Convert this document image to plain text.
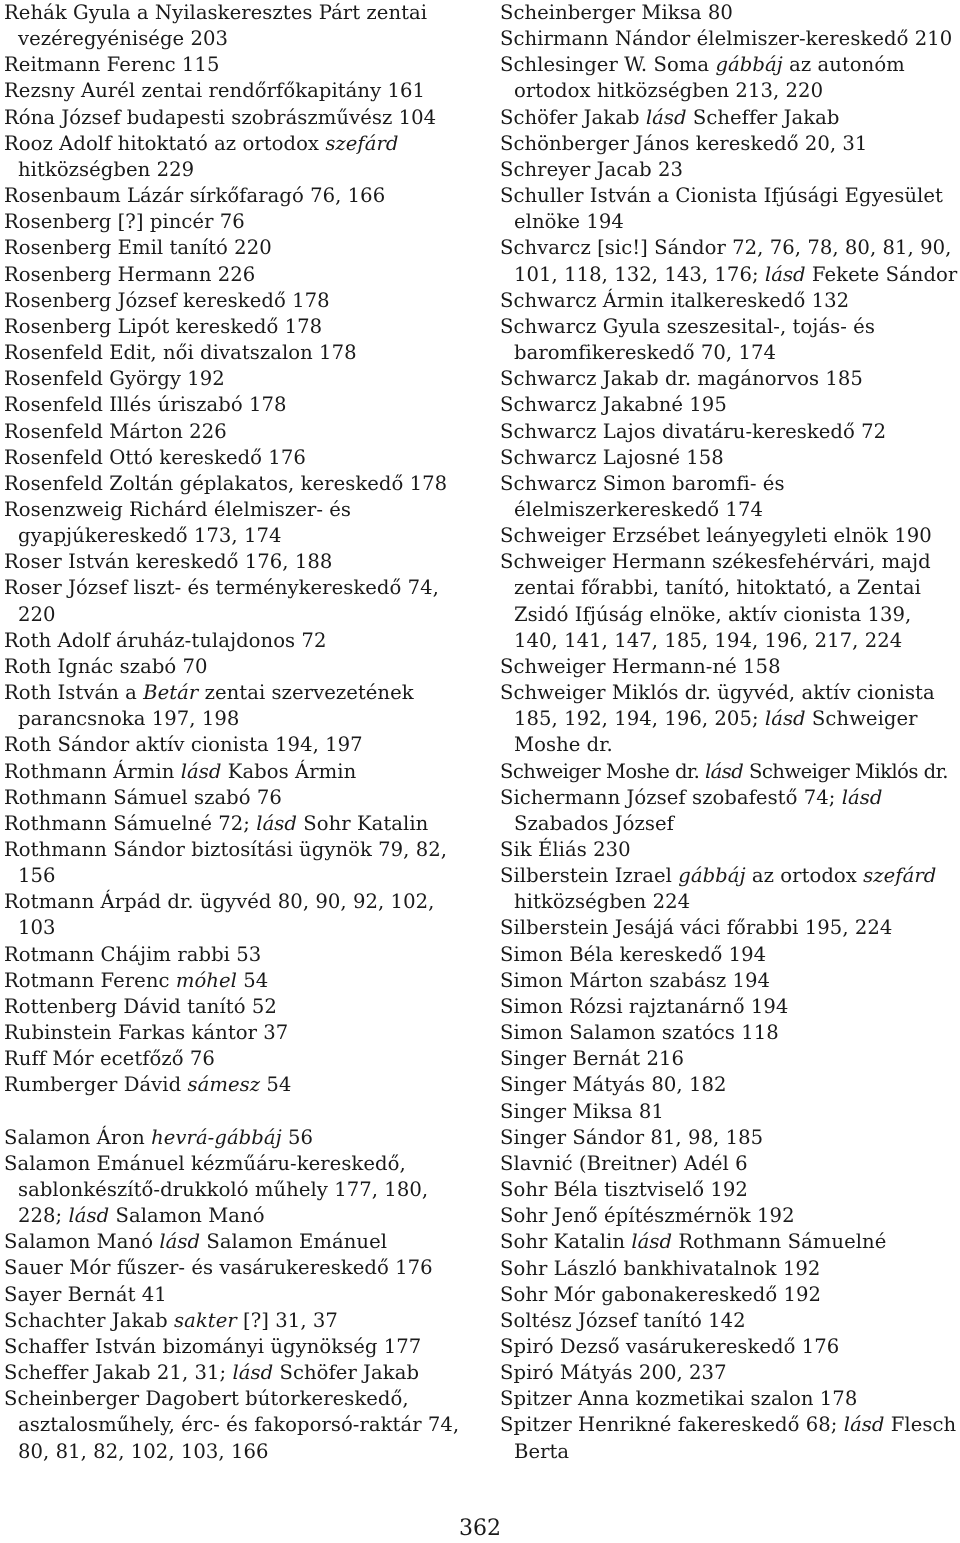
Rehák Gyula a Nyilaskeresztes Párt zentai vezéregyénisége 203
Reitmann Ferenc 115
Rezsny Aurél zentai rendőrfőkapitány 161
Róna József budapesti szobrászművész 104
Rooz Adolf hitoktató az ortodox szefárd hitközségben 229
Rosenbaum Lázár sírkőfaragó 76, 166
Rosenberg [?] pincér 76
Rosenberg Emil tanító 220
Rosenberg Hermann 226
Rosenberg József kereskedő 178
Rosenberg Lipót kereskedő 178
Rosenfeld Edit, női divatszalon 178
Rosenfeld György 192
Rosenfeld Illés úriszabó 178
Rosenfeld Márton 226
Rosenfeld Ottó kereskedő 176
Rosenfeld Zoltán géplakatos, kereskedő 178
Rosenzweig Richárd élelmiszer- és gyapjúkereskedő 173, 174
Roser István kereskedő 176, 188
Roser József liszt- és terménykereskedő 74, 220
Roth Adolf áruház-tulajdonos 72
Roth Ignác szabó 70
Roth István a Betár zentai szervezetének parancsnoka 197, 198
Roth Sándor aktív cionista 194, 197
Rothmann Ármin lásd Kabos Ármin
Rothmann Sámuel szabó 76
Rothmann Sámuelné 72; lásd Sohr Katalin
Rothmann Sándor biztosítási ügynök 79, 82, 156
Rotmann Árpád dr. ügyvéd 80, 90, 92, 102, 103
Rotmann Chájim rabbi 53
Rotmann Ferenc móhel 54
Rottenberg Dávid tanító 52
Rubinstein Farkas kántor 37
Ruff Mór ecetfőző 76
Rumberger Dávid sámesz 54
Salamon Áron hevrá-gábbáj 56
Salamon Emánuel kézműáru-kereskedő, sablonkészítő-drukkoló műhely 177, 180, 228; lásd Salamon Manó
Salamon Manó lásd Salamon Emánuel
Sauer Mór fűszer- és vasárukereskedő 176
Sayer Bernát 41
Schachter Jakab sakter [?] 31, 37
Schaffer István bizományi ügynökség 177
Scheffer Jakab 21, 31; lásd Schöfer Jakab
Scheinberger Dagobert bútorkereskedő, asztalosműhely, érc- és fakoporsó-raktár 74, 80, 81, 82, 102, 103, 166
Scheinberger Miksa 80
Schirmann Nándor élelmiszer-kereskedő 210
Schlesinger W. Soma gábbáj az autonóm ortodox hitközségben 213, 220
Schöfer Jakab lásd Scheffer Jakab
Schönberger János kereskedő 20, 31
Schreyer Jacab 23
Schuller István a Cionista Ifjúsági Egyesület elnöke 194
Schvarcz [sic!] Sándor 72, 76, 78, 80, 81, 90, 101, 118, 132, 143, 176; lásd Fekete Sándor
Schwarcz Ármin italkereskedő 132
Schwarcz Gyula szeszesital-, tojás- és baromfikereskedő 70, 174
Schwarcz Jakab dr. magánorvos 185
Schwarcz Jakabné 195
Schwarcz Lajos divatáru-kereskedő 72
Schwarcz Lajosné 158
Schwarcz Simon baromfi- és élelmiszerkereskedő 174
Schweiger Erzsébet leányegyleti elnök 190
Schweiger Hermann székesfehérvári, majd zentai főrabbi, tanító, hitoktató, a Zentai Zsidó Ifjúság elnöke, aktív cionista 139, 140, 141, 147, 185, 194, 196, 217, 224
Schweiger Hermann-né 158
Schweiger Miklós dr. ügyvéd, aktív cionista 185, 192, 194, 196, 205; lásd Schweiger Moshe dr.
Schweiger Moshe dr. lásd Schweiger Miklós dr.
Sichermann József szobafestő 74; lásd Szabados József
Sik Éliás 230
Silberstein Izrael gábbáj az ortodox szefárd hitközségben 224
Silberstein Jesájá váci főrabbi 195, 224
Simon Béla kereskedő 194
Simon Márton szabász 194
Simon Rózsi rajztanárnő 194
Simon Salamon szatócs 118
Singer Bernát 216
Singer Mátyás 80, 182
Singer Miksa 81
Singer Sándor 81, 98, 185
Slavnić (Breitner) Adél 6
Sohr Béla tisztviselő 192
Sohr Jenő építészmérnök 192
Sohr Katalin lásd Rothmann Sámuelné
Sohr László bankhivatalnok 192
Sohr Mór gabonakereskedő 192
Soltész József tanító 142
Spiró Dezső vasárukereskedő 176
Spiró Mátyás 200, 237
Spitzer Anna kozmetikai szalon 178
Spitzer Henrikné fakereskedő 68; lásd Flesch Berta
362
